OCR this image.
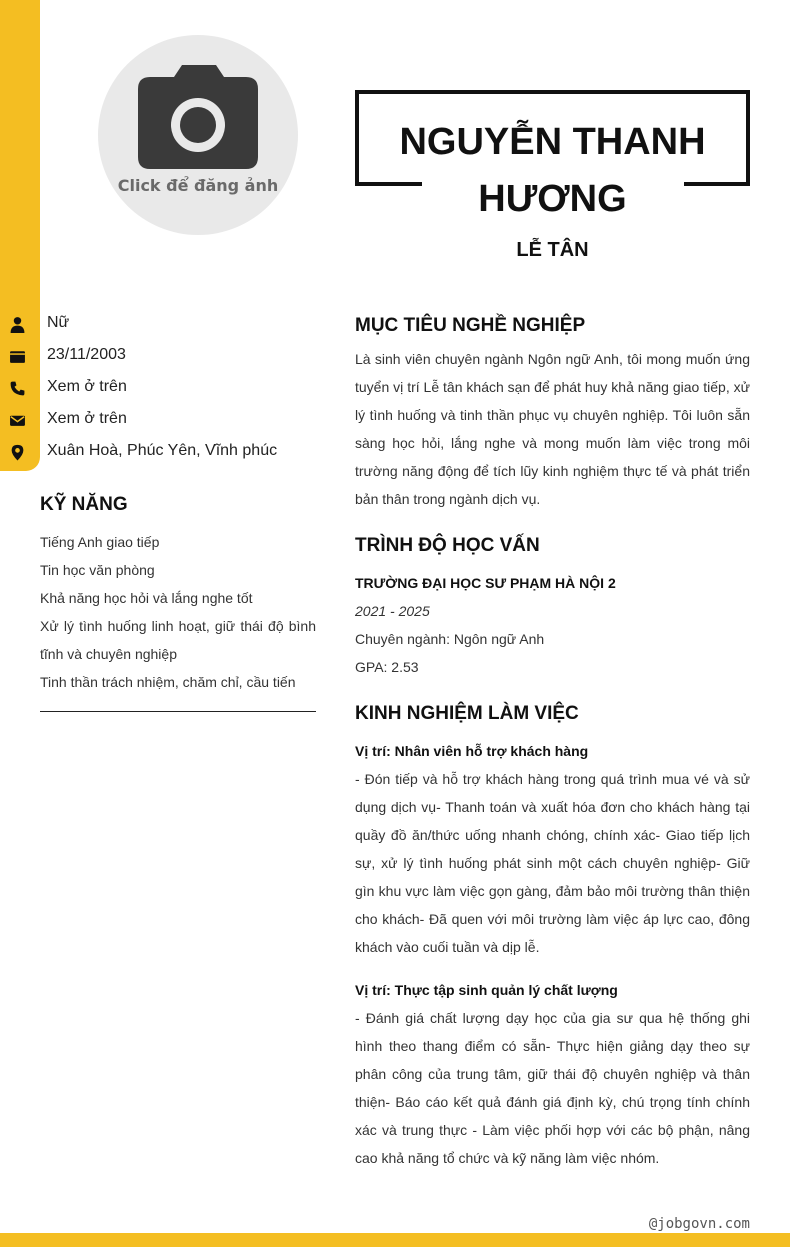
Click để đăng ảnh
NGUYỄN THANH HƯƠNG
LỄ TÂN
Nữ
23/11/2003
Xem ở trên
Xem ở trên
Xuân Hoà, Phúc Yên, Vĩnh phúc
KỸ NĂNG
Tiếng Anh giao tiếp
Tin học văn phòng
Khả năng học hỏi và lắng nghe tốt
Xử lý tình huống linh hoạt, giữ thái độ bình tĩnh và chuyên nghiệp
Tinh thần trách nhiệm, chăm chỉ, cầu tiến
MỤC TIÊU NGHỀ NGHIỆP
Là sinh viên chuyên ngành Ngôn ngữ Anh, tôi mong muốn ứng tuyển vị trí Lễ tân khách sạn để phát huy khả năng giao tiếp, xử lý tình huống và tinh thần phục vụ chuyên nghiệp. Tôi luôn sẵn sàng học hỏi, lắng nghe và mong muốn làm việc trong môi trường năng động để tích lũy kinh nghiệm thực tế và phát triển bản thân trong ngành dịch vụ.
TRÌNH ĐỘ HỌC VẤN
TRƯỜNG ĐẠI HỌC SƯ PHẠM HÀ NỘI 2
2021 - 2025
Chuyên ngành: Ngôn ngữ Anh
GPA: 2.53
KINH NGHIỆM LÀM VIỆC
Vị trí: Nhân viên hỗ trợ khách hàng
- Đón tiếp và hỗ trợ khách hàng trong quá trình mua vé và sử dụng dịch vụ- Thanh toán và xuất hóa đơn cho khách hàng tại quầy đồ ăn/thức uống nhanh chóng, chính xác- Giao tiếp lịch sự, xử lý tình huống phát sinh một cách chuyên nghiệp- Giữ gìn khu vực làm việc gọn gàng, đảm bảo môi trường thân thiện cho khách- Đã quen với môi trường làm việc áp lực cao, đông khách vào cuối tuần và dịp lễ.
Vị trí: Thực tập sinh quản lý chất lượng
- Đánh giá chất lượng dạy học của gia sư qua hệ thống ghi hình theo thang điểm có sẵn- Thực hiện giảng dạy theo sự phân công của trung tâm, giữ thái độ chuyên nghiệp và thân thiện- Báo cáo kết quả đánh giá định kỳ, chú trọng tính chính xác và trung thực - Làm việc phối hợp với các bộ phận, nâng cao khả năng tổ chức và kỹ năng làm việc nhóm.
@jobgovn.com
